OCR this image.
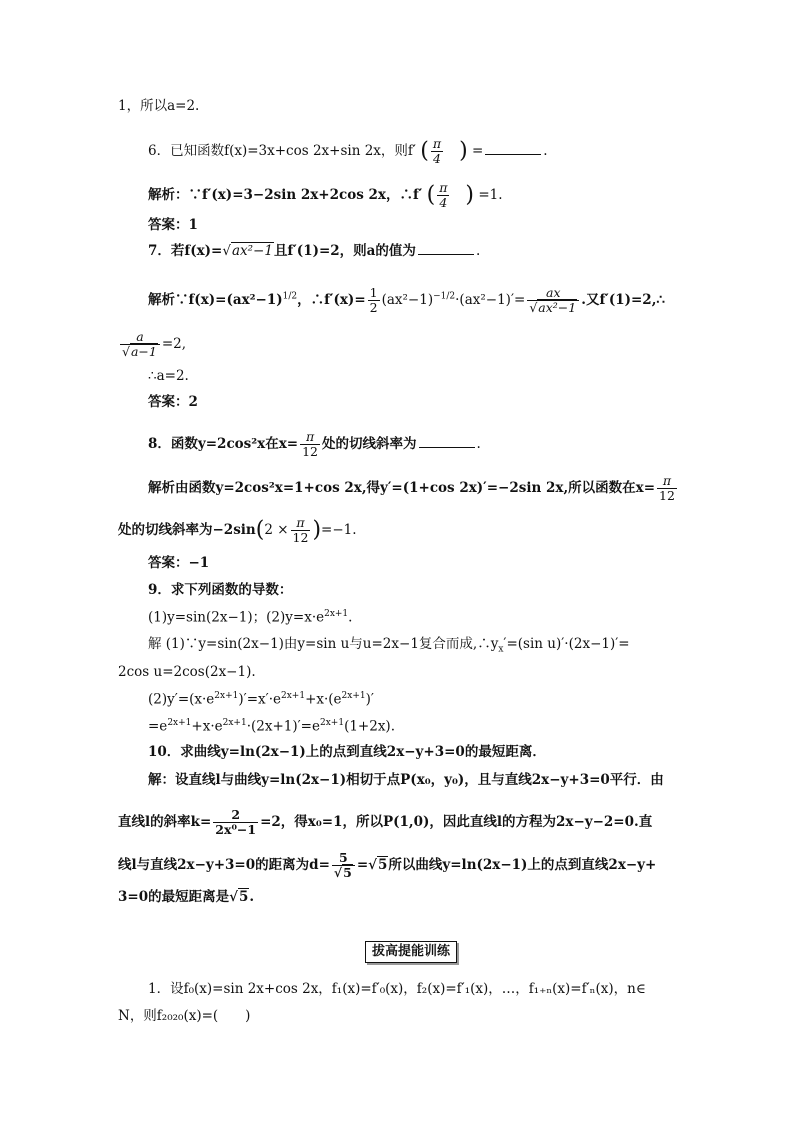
1，所以a=2.
6．已知函数f(x)=3x+cos 2x+sin 2x，则f′ ( $\frac{\pi}{4}$ ) =	.
解析：∵f′(x)=3−2sin 2x+2cos 2x，∴f′ ( $\frac{\pi}{4}$ ) =1.
答案：1
7．若f(x)=√ax²−1且f′(1)=2，则a的值为	.
解析$\because f(x)=(ax^2-1)^{1/2}$，∴f′(x)= $\frac{1}{2} (ax^2-1)^{-1/2}\cdot(ax^2-1)'= \frac{ax}{\text{√ax²−1}}$ .又f′(1)=2,∴
$\frac{a}{√a-1} =2$,
∴a=2.
答案：2
8．函数y=2cos²x在$x= \frac{\pi}{12}$ 处的切线斜率为	.
解析由函数y=2cos²x=1+cos 2x,得y′=(1+cos 2x)′=−2sin 2x,所以函数在$x= \frac{\pi}{12}$
处的切线斜率为$-2\sin(2 \times \frac{\pi}{12} )=-1$.
答案：−1
9．求下列函数的导数：
(1)y=sin(2x−1)；$(2)y=x\cdot e^{2x+1}$.
解 (1)∵y=sin(2x−1)由y=sin u与u=2x−1复合而成$,\therefore y_x'=(\sin$ u)′·(2x−1)′=
2cos u=2cos(2x−1).
$(2)y'=(x\cdot e^{2x+1})'=x'\cdot e^{2x+1}+x\cdot(e^{2x+1})'$
$=e^{2x+1}+x\cdot e^{2x+1}\cdot(2x+1)'=e^{2x+1}(1+2x)$.
10．求曲线y=ln(2x−1)上的点到直线2x−y+3=0的最短距离．
解：设直线l与曲线y=ln(2x−1)相切于点P(x₀，y₀)，且与直线2x−y+3=0平行．由
直线l的斜率$k= \frac{2}{\text{2x⁰−1}} =2$，得x₀=1，所以P(1,0)，因此直线l的方程为2x−y−2=0.直
线l与直线2x−y+3=0的距离为$d= \frac{5}{√5} =√5$所以曲线y=ln(2x−1)上的点到直线2x−y+
3=0的最短距离是√5.
拔高提能训练
1．设f₀(x)=sin 2x+cos 2x，f₁(x)=f′₀(x)，f₂(x)=f′₁(x)，…，f₁₊ₙ(x)=f′ₙ(x)，n∈
N，则f₂₀₂₀(x)=(　　)
